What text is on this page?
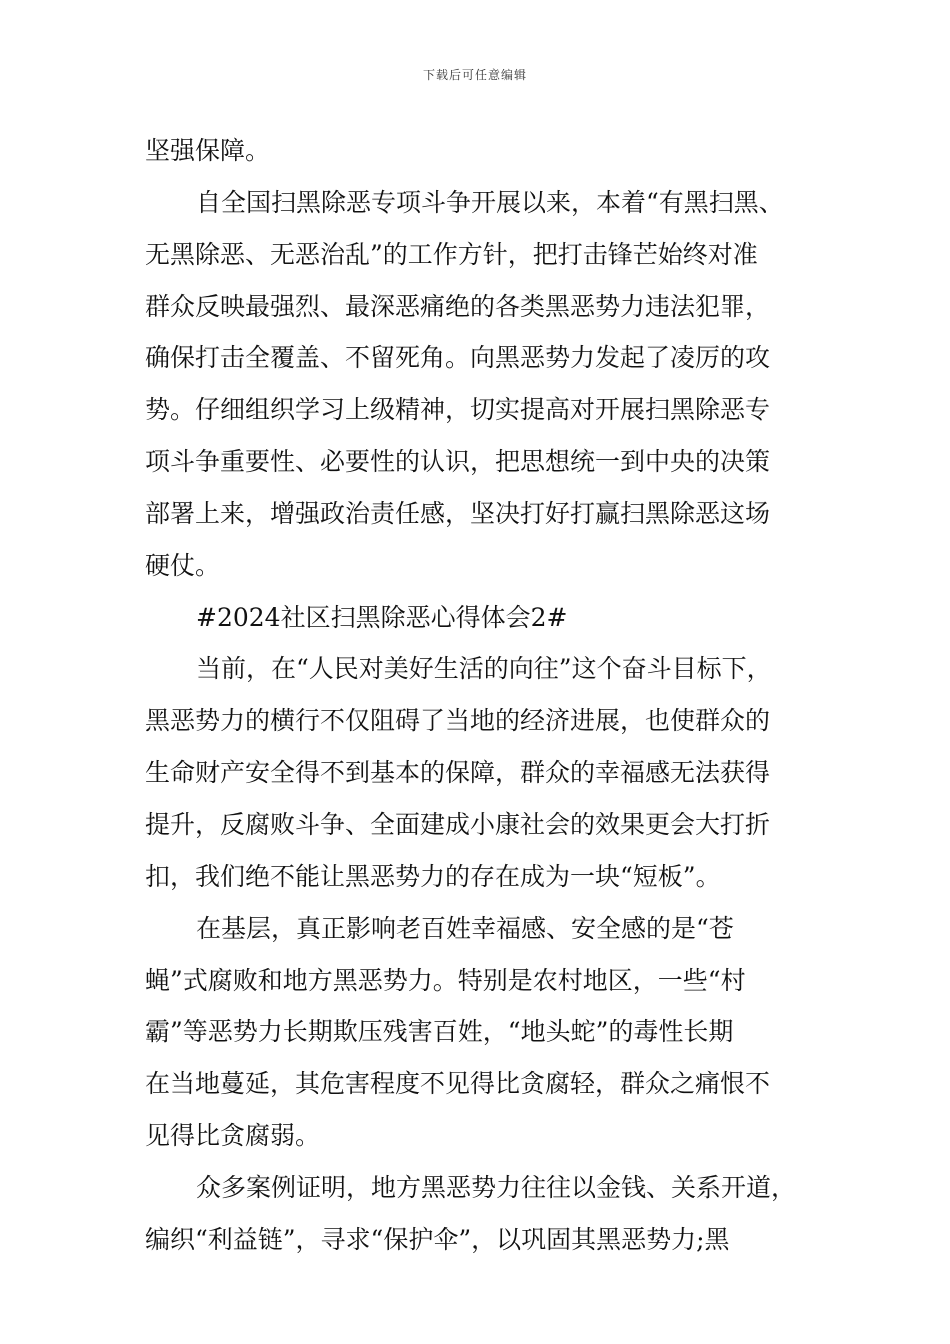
下载后可任意编辑
坚强保障。
自全国扫黑除恶专项斗争开展以来，本着“有黑扫黑、
无黑除恶、无恶治乱”的工作方针，把打击锋芒始终对准
群众反映最强烈、最深恶痛绝的各类黑恶势力违法犯罪，
确保打击全覆盖、不留死角。向黑恶势力发起了凌厉的攻
势。仔细组织学习上级精神，切实提高对开展扫黑除恶专
项斗争重要性、必要性的认识，把思想统一到中央的决策
部署上来，增强政治责任感，坚决打好打赢扫黑除恶这场
硬仗。
#2024社区扫黑除恶心得体会2#
当前，在“人民对美好生活的向往”这个奋斗目标下，
黑恶势力的横行不仅阻碍了当地的经济进展，也使群众的
生命财产安全得不到基本的保障，群众的幸福感无法获得
提升，反腐败斗争、全面建成小康社会的效果更会大打折
扣，我们绝不能让黑恶势力的存在成为一块“短板”。
在基层，真正影响老百姓幸福感、安全感的是“苍
蝇”式腐败和地方黑恶势力。特别是农村地区，一些“村
霸”等恶势力长期欺压残害百姓，“地头蛇”的毒性长期
在当地蔓延，其危害程度不见得比贪腐轻，群众之痛恨不
见得比贪腐弱。
众多案例证明，地方黑恶势力往往以金钱、关系开道，
编织“利益链”，寻求“保护伞”，以巩固其黑恶势力;黑
